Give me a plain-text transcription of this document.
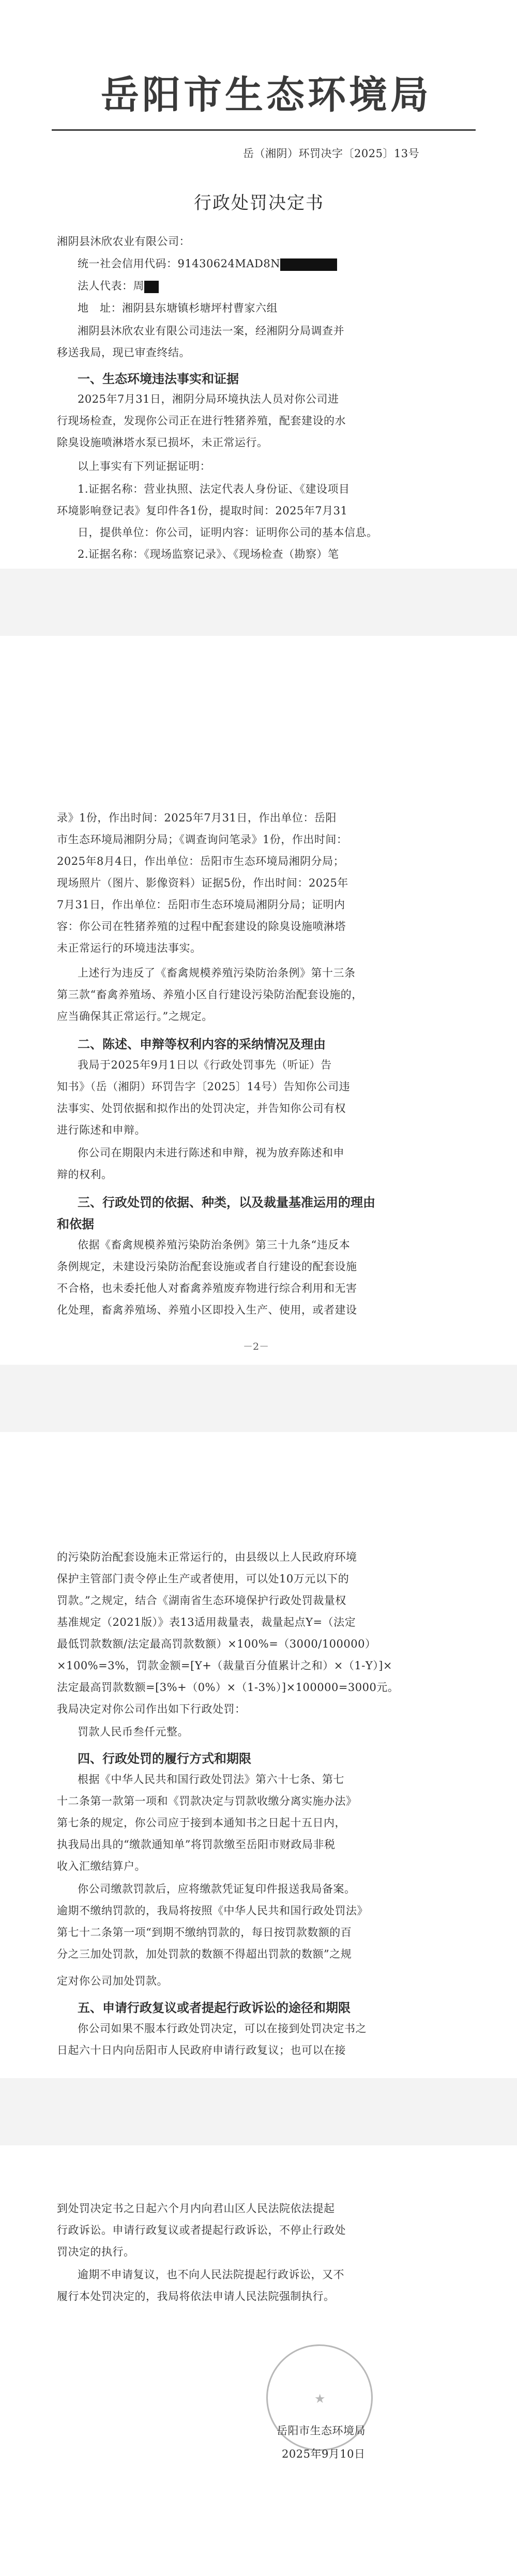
岳阳市生态环境局
岳（湘阴）环罚决字〔2025〕13号
行政处罚决定书
湘阴县沐欣农业有限公司：
统一社会信用代码：91430624MAD8N
法人代表：周
地　址：湘阴县东塘镇杉塘坪村曹家六组
湘阴县沐欣农业有限公司违法一案，经湘阴分局调查并
移送我局，现已审查终结。
一、生态环境违法事实和证据
2025年7月31日，湘阴分局环境执法人员对你公司进
行现场检查，发现你公司正在进行牲猪养殖，配套建设的水
除臭设施喷淋塔水泵已损坏，未正常运行。
以上事实有下列证据证明：
1.证据名称：营业执照、法定代表人身份证、《建设项目
环境影响登记表》复印件各1份，提取时间：2025年7月31
日，提供单位：你公司，证明内容：证明你公司的基本信息。
2.证据名称：《现场监察记录》、《现场检查（勘察）笔
录》1份，作出时间：2025年7月31日，作出单位：岳阳
市生态环境局湘阴分局；《调查询问笔录》1份，作出时间：
2025年8月4日，作出单位：岳阳市生态环境局湘阴分局；
现场照片（图片、影像资料）证据5份，作出时间：2025年
7月31日，作出单位：岳阳市生态环境局湘阴分局；证明内
容：你公司在牲猪养殖的过程中配套建设的除臭设施喷淋塔
未正常运行的环境违法事实。
上述行为违反了《畜禽规模养殖污染防治条例》第十三条
第三款“畜禽养殖场、养殖小区自行建设污染防治配套设施的，
应当确保其正常运行。”之规定。
二、陈述、申辩等权利内容的采纳情况及理由
我局于2025年9月1日以《行政处罚事先（听证）告
知书》（岳（湘阴）环罚告字〔2025〕14号）告知你公司违
法事实、处罚依据和拟作出的处罚决定，并告知你公司有权
进行陈述和申辩。
你公司在期限内未进行陈述和申辩，视为放弃陈述和申
辩的权利。
三、行政处罚的依据、种类，以及裁量基准运用的理由
和依据
依据《畜禽规模养殖污染防治条例》第三十九条“违反本
条例规定，未建设污染防治配套设施或者自行建设的配套设施
不合格，也未委托他人对畜禽养殖废弃物进行综合利用和无害
化处理，畜禽养殖场、养殖小区即投入生产、使用，或者建设
－2－
的污染防治配套设施未正常运行的，由县级以上人民政府环境
保护主管部门责令停止生产或者使用，可以处10万元以下的
罚款。”之规定，结合《湖南省生态环境保护行政处罚裁量权
基准规定（2021版）》表13适用裁量表，裁量起点Y=（法定
最低罚款数额/法定最高罚款数额）×100%=（3000/100000）
×100%=3%，罚款金额=[Y+（裁量百分值累计之和）×（1-Y）]×
法定最高罚款数额=[3%+（0%）×（1-3%）]×100000=3000元。
我局决定对你公司作出如下行政处罚：
罚款人民币叁仟元整。
四、行政处罚的履行方式和期限
根据《中华人民共和国行政处罚法》第六十七条、第七
十二条第一款第一项和《罚款决定与罚款收缴分离实施办法》
第七条的规定，你公司应于接到本通知书之日起十五日内，
执我局出具的“缴款通知单”将罚款缴至岳阳市财政局非税
收入汇缴结算户。
你公司缴款罚款后，应将缴款凭证复印件报送我局备案。
逾期不缴纳罚款的，我局将按照《中华人民共和国行政处罚法》
第七十二条第一项“到期不缴纳罚款的，每日按罚款数额的百
分之三加处罚款，加处罚款的数额不得超出罚款的数额”之规
定对你公司加处罚款。
五、申请行政复议或者提起行政诉讼的途径和期限
你公司如果不服本行政处罚决定，可以在接到处罚决定书之
日起六十日内向岳阳市人民政府申请行政复议；也可以在接
到处罚决定书之日起六个月内向君山区人民法院依法提起
行政诉讼。申请行政复议或者提起行政诉讼，不停止行政处
罚决定的执行。
逾期不申请复议，也不向人民法院提起行政诉讼，又不
履行本处罚决定的，我局将依法申请人民法院强制执行。
★
岳阳市生态环境局
2025年9月10日
